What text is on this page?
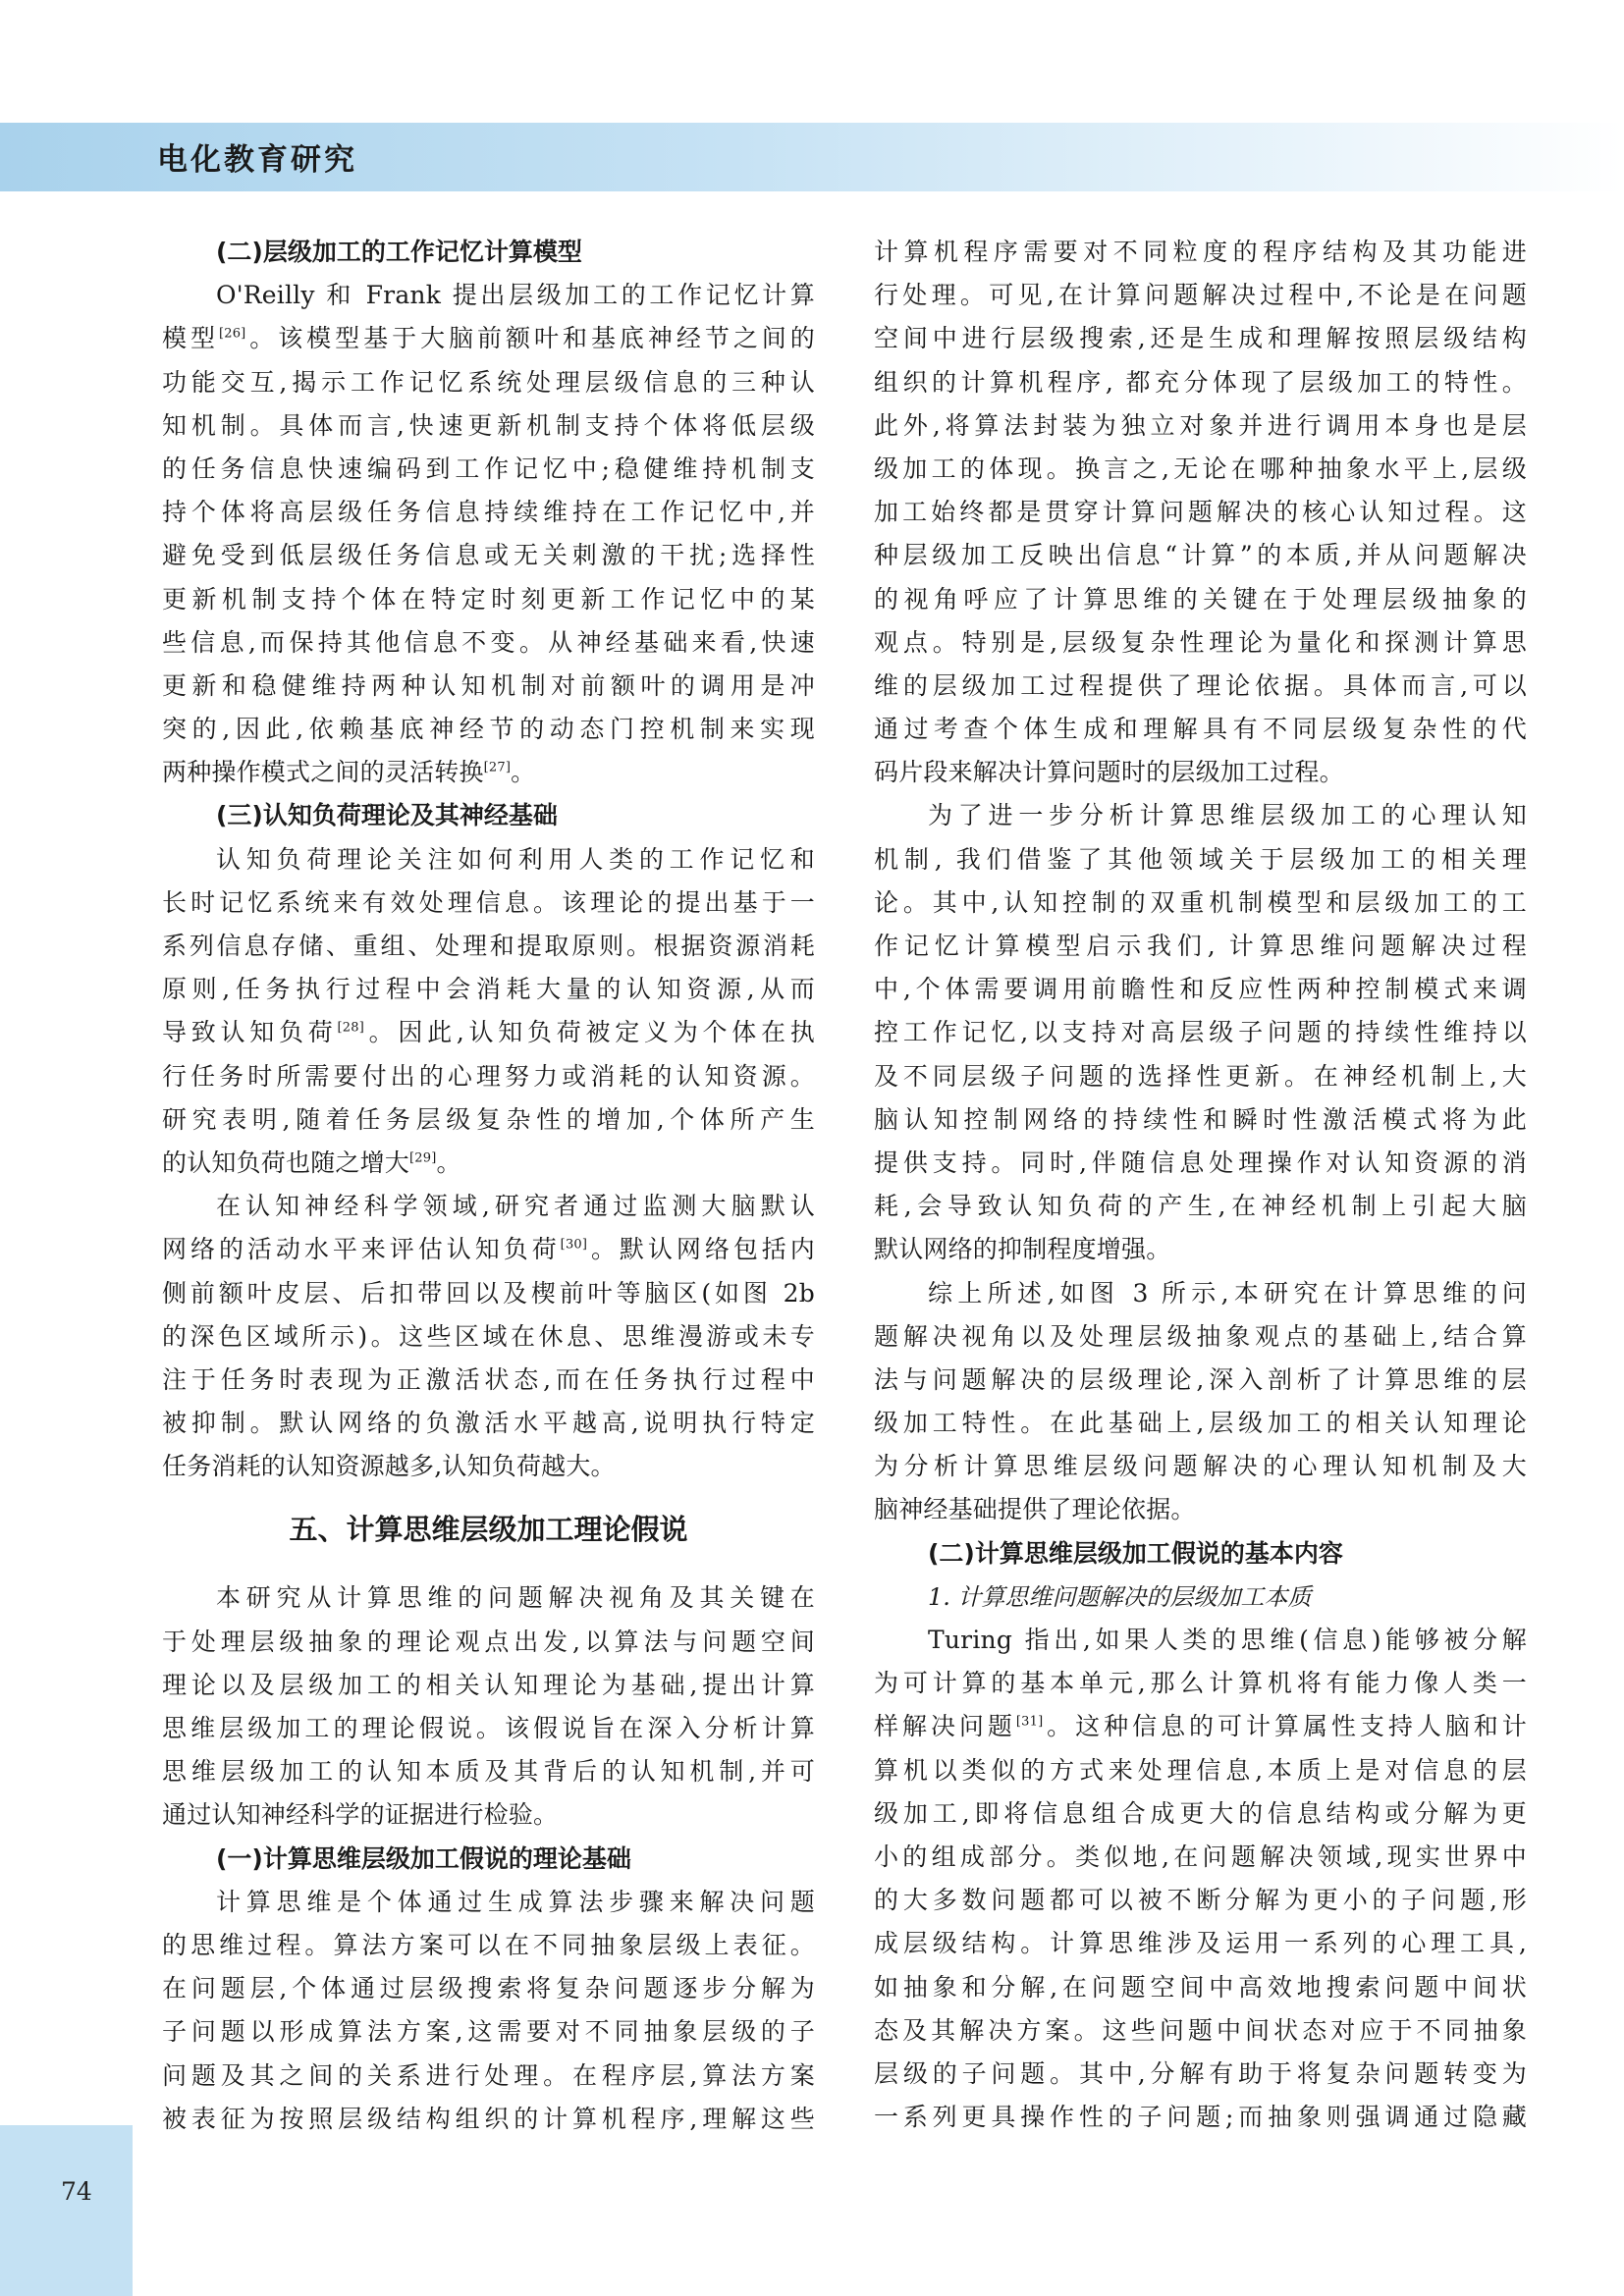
电化教育研究
(二)层级加工的工作记忆计算模型
O'Reilly 和 Frank 提出层级加工的工作记忆计算
模型[26]。该模型基于大脑前额叶和基底神经节之间的
功能交互,揭示工作记忆系统处理层级信息的三种认
知机制。具体而言,快速更新机制支持个体将低层级
的任务信息快速编码到工作记忆中;稳健维持机制支
持个体将高层级任务信息持续维持在工作记忆中,并
避免受到低层级任务信息或无关刺激的干扰;选择性
更新机制支持个体在特定时刻更新工作记忆中的某
些信息,而保持其他信息不变。从神经基础来看,快速
更新和稳健维持两种认知机制对前额叶的调用是冲
突的,因此,依赖基底神经节的动态门控机制来实现
两种操作模式之间的灵活转换[27]。
(三)认知负荷理论及其神经基础
认知负荷理论关注如何利用人类的工作记忆和
长时记忆系统来有效处理信息。该理论的提出基于一
系列信息存储、重组、处理和提取原则。根据资源消耗
原则,任务执行过程中会消耗大量的认知资源,从而
导致认知负荷[28]。因此,认知负荷被定义为个体在执
行任务时所需要付出的心理努力或消耗的认知资源。
研究表明,随着任务层级复杂性的增加,个体所产生
的认知负荷也随之增大[29]。
在认知神经科学领域,研究者通过监测大脑默认
网络的活动水平来评估认知负荷[30]。默认网络包括内
侧前额叶皮层、后扣带回以及楔前叶等脑区(如图 2b
的深色区域所示)。这些区域在休息、思维漫游或未专
注于任务时表现为正激活状态,而在任务执行过程中
被抑制。默认网络的负激活水平越高,说明执行特定
任务消耗的认知资源越多,认知负荷越大。
五、计算思维层级加工理论假说
本研究从计算思维的问题解决视角及其关键在
于处理层级抽象的理论观点出发,以算法与问题空间
理论以及层级加工的相关认知理论为基础,提出计算
思维层级加工的理论假说。该假说旨在深入分析计算
思维层级加工的认知本质及其背后的认知机制,并可
通过认知神经科学的证据进行检验。
(一)计算思维层级加工假说的理论基础
计算思维是个体通过生成算法步骤来解决问题
的思维过程。算法方案可以在不同抽象层级上表征。
在问题层,个体通过层级搜索将复杂问题逐步分解为
子问题以形成算法方案,这需要对不同抽象层级的子
问题及其之间的关系进行处理。在程序层,算法方案
被表征为按照层级结构组织的计算机程序,理解这些
计算机程序需要对不同粒度的程序结构及其功能进
行处理。可见,在计算问题解决过程中,不论是在问题
空间中进行层级搜索,还是生成和理解按照层级结构
组织的计算机程序, 都充分体现了层级加工的特性。
此外,将算法封装为独立对象并进行调用本身也是层
级加工的体现。换言之,无论在哪种抽象水平上,层级
加工始终都是贯穿计算问题解决的核心认知过程。这
种层级加工反映出信息“计算”的本质,并从问题解决
的视角呼应了计算思维的关键在于处理层级抽象的
观点。特别是,层级复杂性理论为量化和探测计算思
维的层级加工过程提供了理论依据。具体而言,可以
通过考查个体生成和理解具有不同层级复杂性的代
码片段来解决计算问题时的层级加工过程。
为了进一步分析计算思维层级加工的心理认知
机制, 我们借鉴了其他领域关于层级加工的相关理
论。其中,认知控制的双重机制模型和层级加工的工
作记忆计算模型启示我们, 计算思维问题解决过程
中,个体需要调用前瞻性和反应性两种控制模式来调
控工作记忆,以支持对高层级子问题的持续性维持以
及不同层级子问题的选择性更新。在神经机制上,大
脑认知控制网络的持续性和瞬时性激活模式将为此
提供支持。同时,伴随信息处理操作对认知资源的消
耗,会导致认知负荷的产生,在神经机制上引起大脑
默认网络的抑制程度增强。
综上所述,如图 3 所示,本研究在计算思维的问
题解决视角以及处理层级抽象观点的基础上,结合算
法与问题解决的层级理论,深入剖析了计算思维的层
级加工特性。在此基础上,层级加工的相关认知理论
为分析计算思维层级问题解决的心理认知机制及大
脑神经基础提供了理论依据。
(二)计算思维层级加工假说的基本内容
1. 计算思维问题解决的层级加工本质
Turing 指出,如果人类的思维(信息)能够被分解
为可计算的基本单元,那么计算机将有能力像人类一
样解决问题[31]。这种信息的可计算属性支持人脑和计
算机以类似的方式来处理信息,本质上是对信息的层
级加工,即将信息组合成更大的信息结构或分解为更
小的组成部分。类似地,在问题解决领域,现实世界中
的大多数问题都可以被不断分解为更小的子问题,形
成层级结构。计算思维涉及运用一系列的心理工具,
如抽象和分解,在问题空间中高效地搜索问题中间状
态及其解决方案。这些问题中间状态对应于不同抽象
层级的子问题。其中,分解有助于将复杂问题转变为
一系列更具操作性的子问题;而抽象则强调通过隐藏
74
